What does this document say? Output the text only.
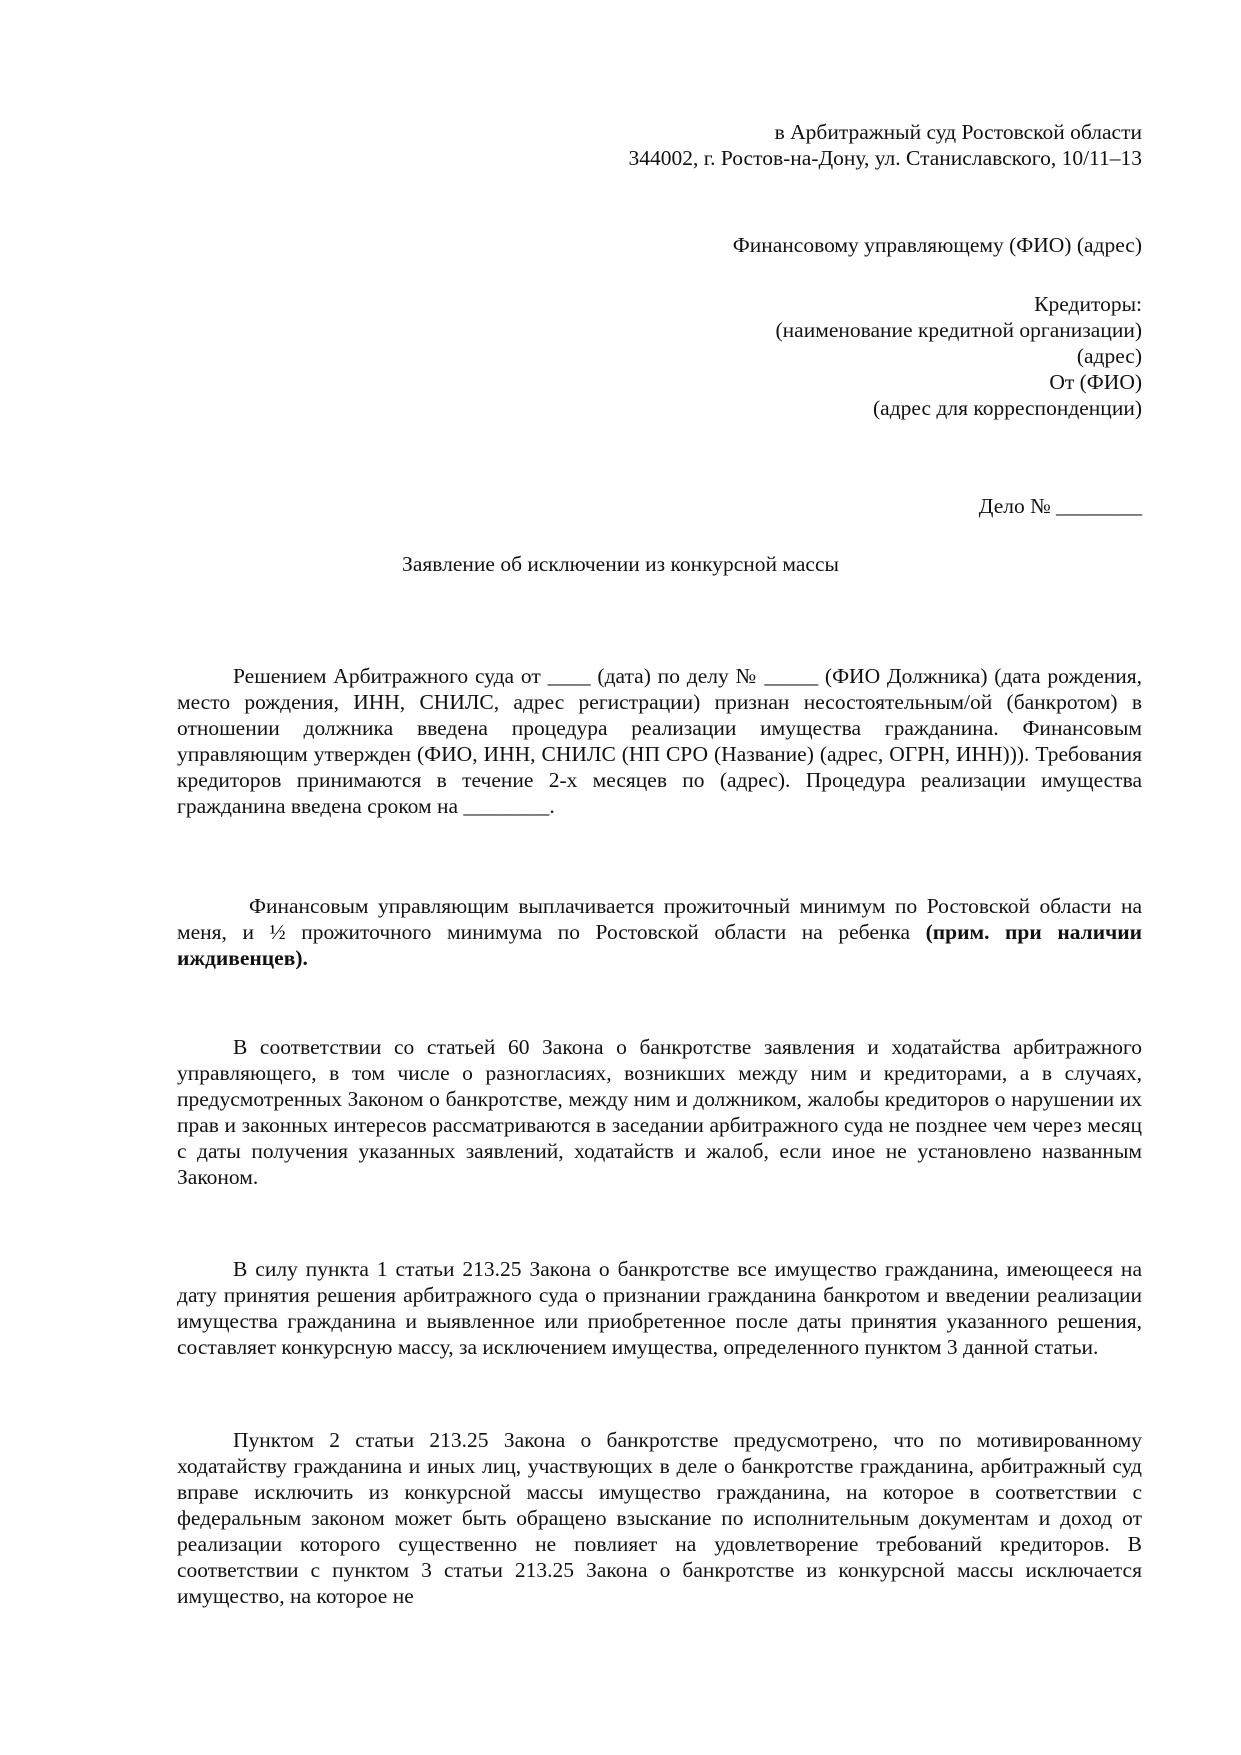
в Арбитражный суд Ростовской области
344002, г. Ростов-на-Дону, ул. Станиславского, 10/11–13
Финансовому управляющему (ФИО) (адрес)
Кредиторы:
(наименование кредитной организации)
(адрес)
От (ФИО)
(адрес для корреспонденции)
Дело № ________
Заявление об исключении из конкурсной массы

Решением Арбитражного суда от ____ (дата) по делу № _____ (ФИО Должника) (дата рождения, место рождения, ИНН, СНИЛС, адрес регистрации) признан несостоятельным/ой (банкротом) в отношении должника введена процедура реализации имущества гражданина. Финансовым управляющим утвержден (ФИО, ИНН, СНИЛС (НП СРО (Название) (адрес, ОГРН, ИНН))). Требования кредиторов принимаются в течение 2-х месяцев по (адрес). Процедура реализации имущества гражданина введена сроком на ________.

Финансовым управляющим выплачивается прожиточный минимум по Ростовской области на меня, и ½ прожиточного минимума по Ростовской области на ребенка (прим. при наличии иждивенцев).

В соответствии со статьей 60 Закона о банкротстве заявления и ходатайства арбитражного управляющего, в том числе о разногласиях, возникших между ним и кредиторами, а в случаях, предусмотренных Законом о банкротстве, между ним и должником, жалобы кредиторов о нарушении их прав и законных интересов рассматриваются в заседании арбитражного суда не позднее чем через месяц с даты получения указанных заявлений, ходатайств и жалоб, если иное не установлено названным Законом.

В силу пункта 1 статьи 213.25 Закона о банкротстве все имущество гражданина, имеющееся на дату принятия решения арбитражного суда о признании гражданина банкротом и введении реализации имущества гражданина и выявленное или приобретенное после даты принятия указанного решения, составляет конкурсную массу, за исключением имущества, определенного пунктом 3 данной статьи.

Пунктом 2 статьи 213.25 Закона о банкротстве предусмотрено, что по мотивированному ходатайству гражданина и иных лиц, участвующих в деле о банкротстве гражданина, арбитражный суд вправе исключить из конкурсной массы имущество гражданина, на которое в соответствии с федеральным законом может быть обращено взыскание по исполнительным документам и доход от реализации которого существенно не повлияет на удовлетворение требований кредиторов. В соответствии с пунктом 3 статьи 213.25 Закона о банкротстве из конкурсной массы исключается имущество, на которое не
